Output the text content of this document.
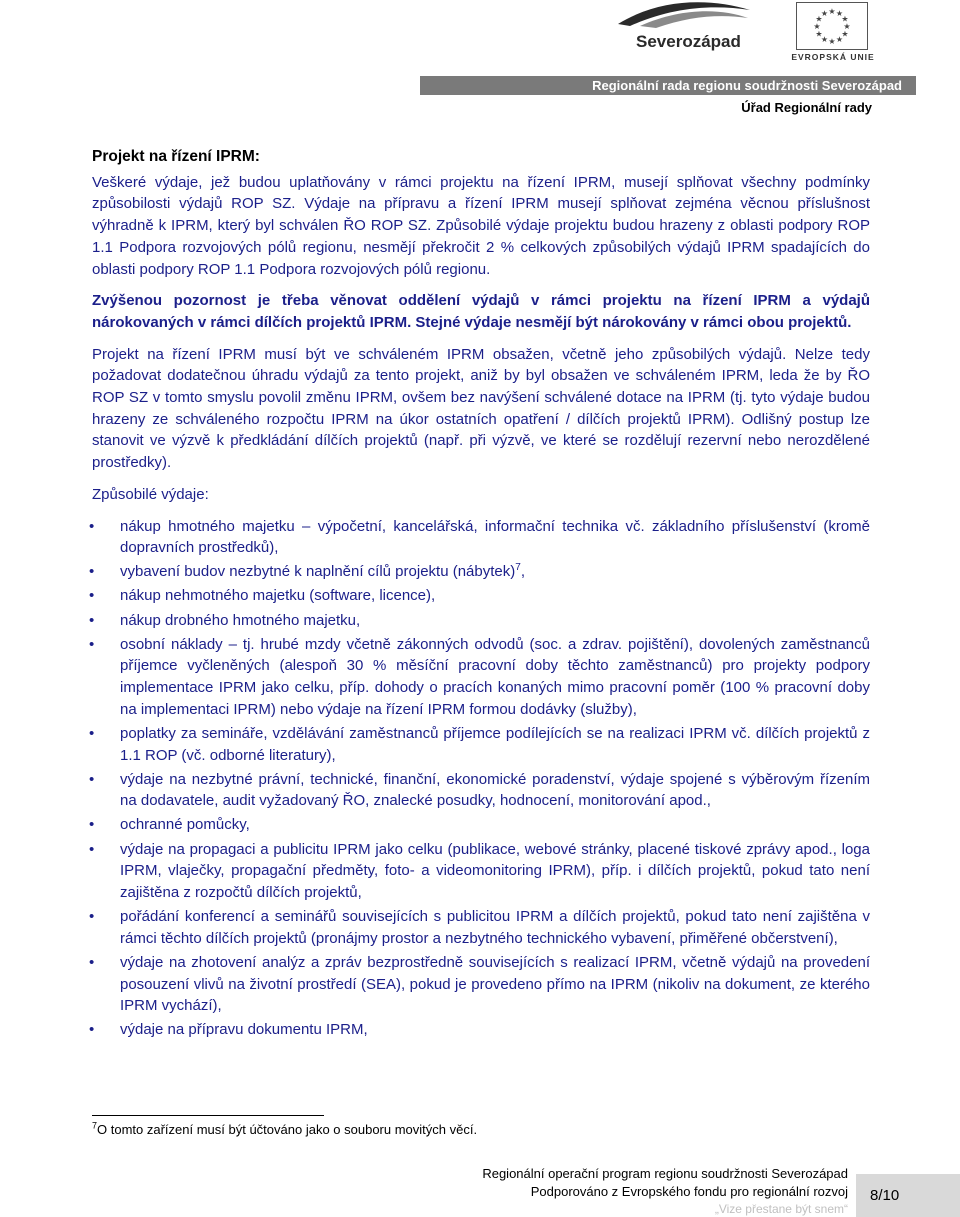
Severozápad
★ ★
★
★
★
★
★
★
★
★
★
★
EVROPSKÁ UNIE
Regionální rada regionu soudržnosti Severozápad
Úřad Regionální rady

Projekt na řízení IPRM:

Veškeré výdaje, jež budou uplatňovány v rámci projektu na řízení IPRM, musejí splňovat všechny podmínky způsobilosti výdajů ROP SZ. Výdaje na přípravu a řízení IPRM musejí splňovat zejména věcnou příslušnost výhradně k IPRM, který byl schválen ŘO ROP SZ. Způsobilé výdaje projektu budou hrazeny z oblasti podpory ROP 1.1 Podpora rozvojových pólů regionu, nesmějí překročit 2 % celkových způsobilých výdajů IPRM spadajících do oblasti podpory ROP 1.1 Podpora rozvojových pólů regionu.

Zvýšenou pozornost je třeba věnovat oddělení výdajů v rámci projektu na řízení IPRM a výdajů nárokovaných v rámci dílčích projektů IPRM. Stejné výdaje nesmějí být nárokovány v rámci obou projektů.

Projekt na řízení IPRM musí být ve schváleném IPRM obsažen, včetně jeho způsobilých výdajů. Nelze tedy požadovat dodatečnou úhradu výdajů za tento projekt, aniž by byl obsažen ve schváleném IPRM, leda že by ŘO ROP SZ v tomto smyslu povolil změnu IPRM, ovšem bez navýšení schválené dotace na IPRM (tj. tyto výdaje budou hrazeny ze schváleného rozpočtu IPRM na úkor ostatních opatření / dílčích projektů IPRM). Odlišný postup lze stanovit ve výzvě k předkládání dílčích projektů (např. při výzvě, ve které se rozdělují rezervní nebo nerozdělené prostředky).

Způsobilé výdaje:

• nákup hmotného majetku – výpočetní, kancelářská, informační technika vč. základního příslušenství (kromě dopravních prostředků),
• vybavení budov nezbytné k naplnění cílů projektu (nábytek)$^7$,
• nákup nehmotného majetku (software, licence),
• nákup drobného hmotného majetku,
• osobní náklady – tj. hrubé mzdy včetně zákonných odvodů (soc. a zdrav. pojištění), dovolených zaměstnanců příjemce vyčleněných (alespoň 30 % měsíční pracovní doby těchto zaměstnanců) pro projekty podpory implementace IPRM jako celku, příp. dohody o pracích konaných mimo pracovní poměr (100 % pracovní doby na implementaci IPRM) nebo výdaje na řízení IPRM formou dodávky (služby),
• poplatky za semináře, vzdělávání zaměstnanců příjemce podílejících se na realizaci IPRM vč. dílčích projektů z 1.1 ROP (vč. odborné literatury),
• výdaje na nezbytné právní, technické, finanční, ekonomické poradenství, výdaje spojené s výběrovým řízením na dodavatele, audit vyžadovaný ŘO, znalecké posudky, hodnocení, monitorování apod.,
• ochranné pomůcky,
• výdaje na propagaci a publicitu IPRM jako celku (publikace, webové stránky, placené tiskové zprávy apod., loga IPRM, vlaječky, propagační předměty, foto- a videomonitoring IPRM), příp. i dílčích projektů, pokud tato není zajištěna z rozpočtů dílčích projektů,
• pořádání konferencí a seminářů souvisejících s publicitou IPRM a dílčích projektů, pokud tato není zajištěna v rámci těchto dílčích projektů (pronájmy prostor a nezbytného technického vybavení, přiměřené občerstvení),
• výdaje na zhotovení analýz a zpráv bezprostředně souvisejících s realizací IPRM, včetně výdajů na provedení posouzení vlivů na životní prostředí (SEA), pokud je provedeno přímo na IPRM (nikoliv na dokument, ze kterého IPRM vychází),
• výdaje na přípravu dokumentu IPRM,
$^7$O tomto zařízení musí být účtováno jako o souboru movitých věcí.
Regionální operační program regionu soudržnosti Severozápad
Podporováno z Evropského fondu pro regionální rozvoj
„Vize přestane být snem“
8/10
